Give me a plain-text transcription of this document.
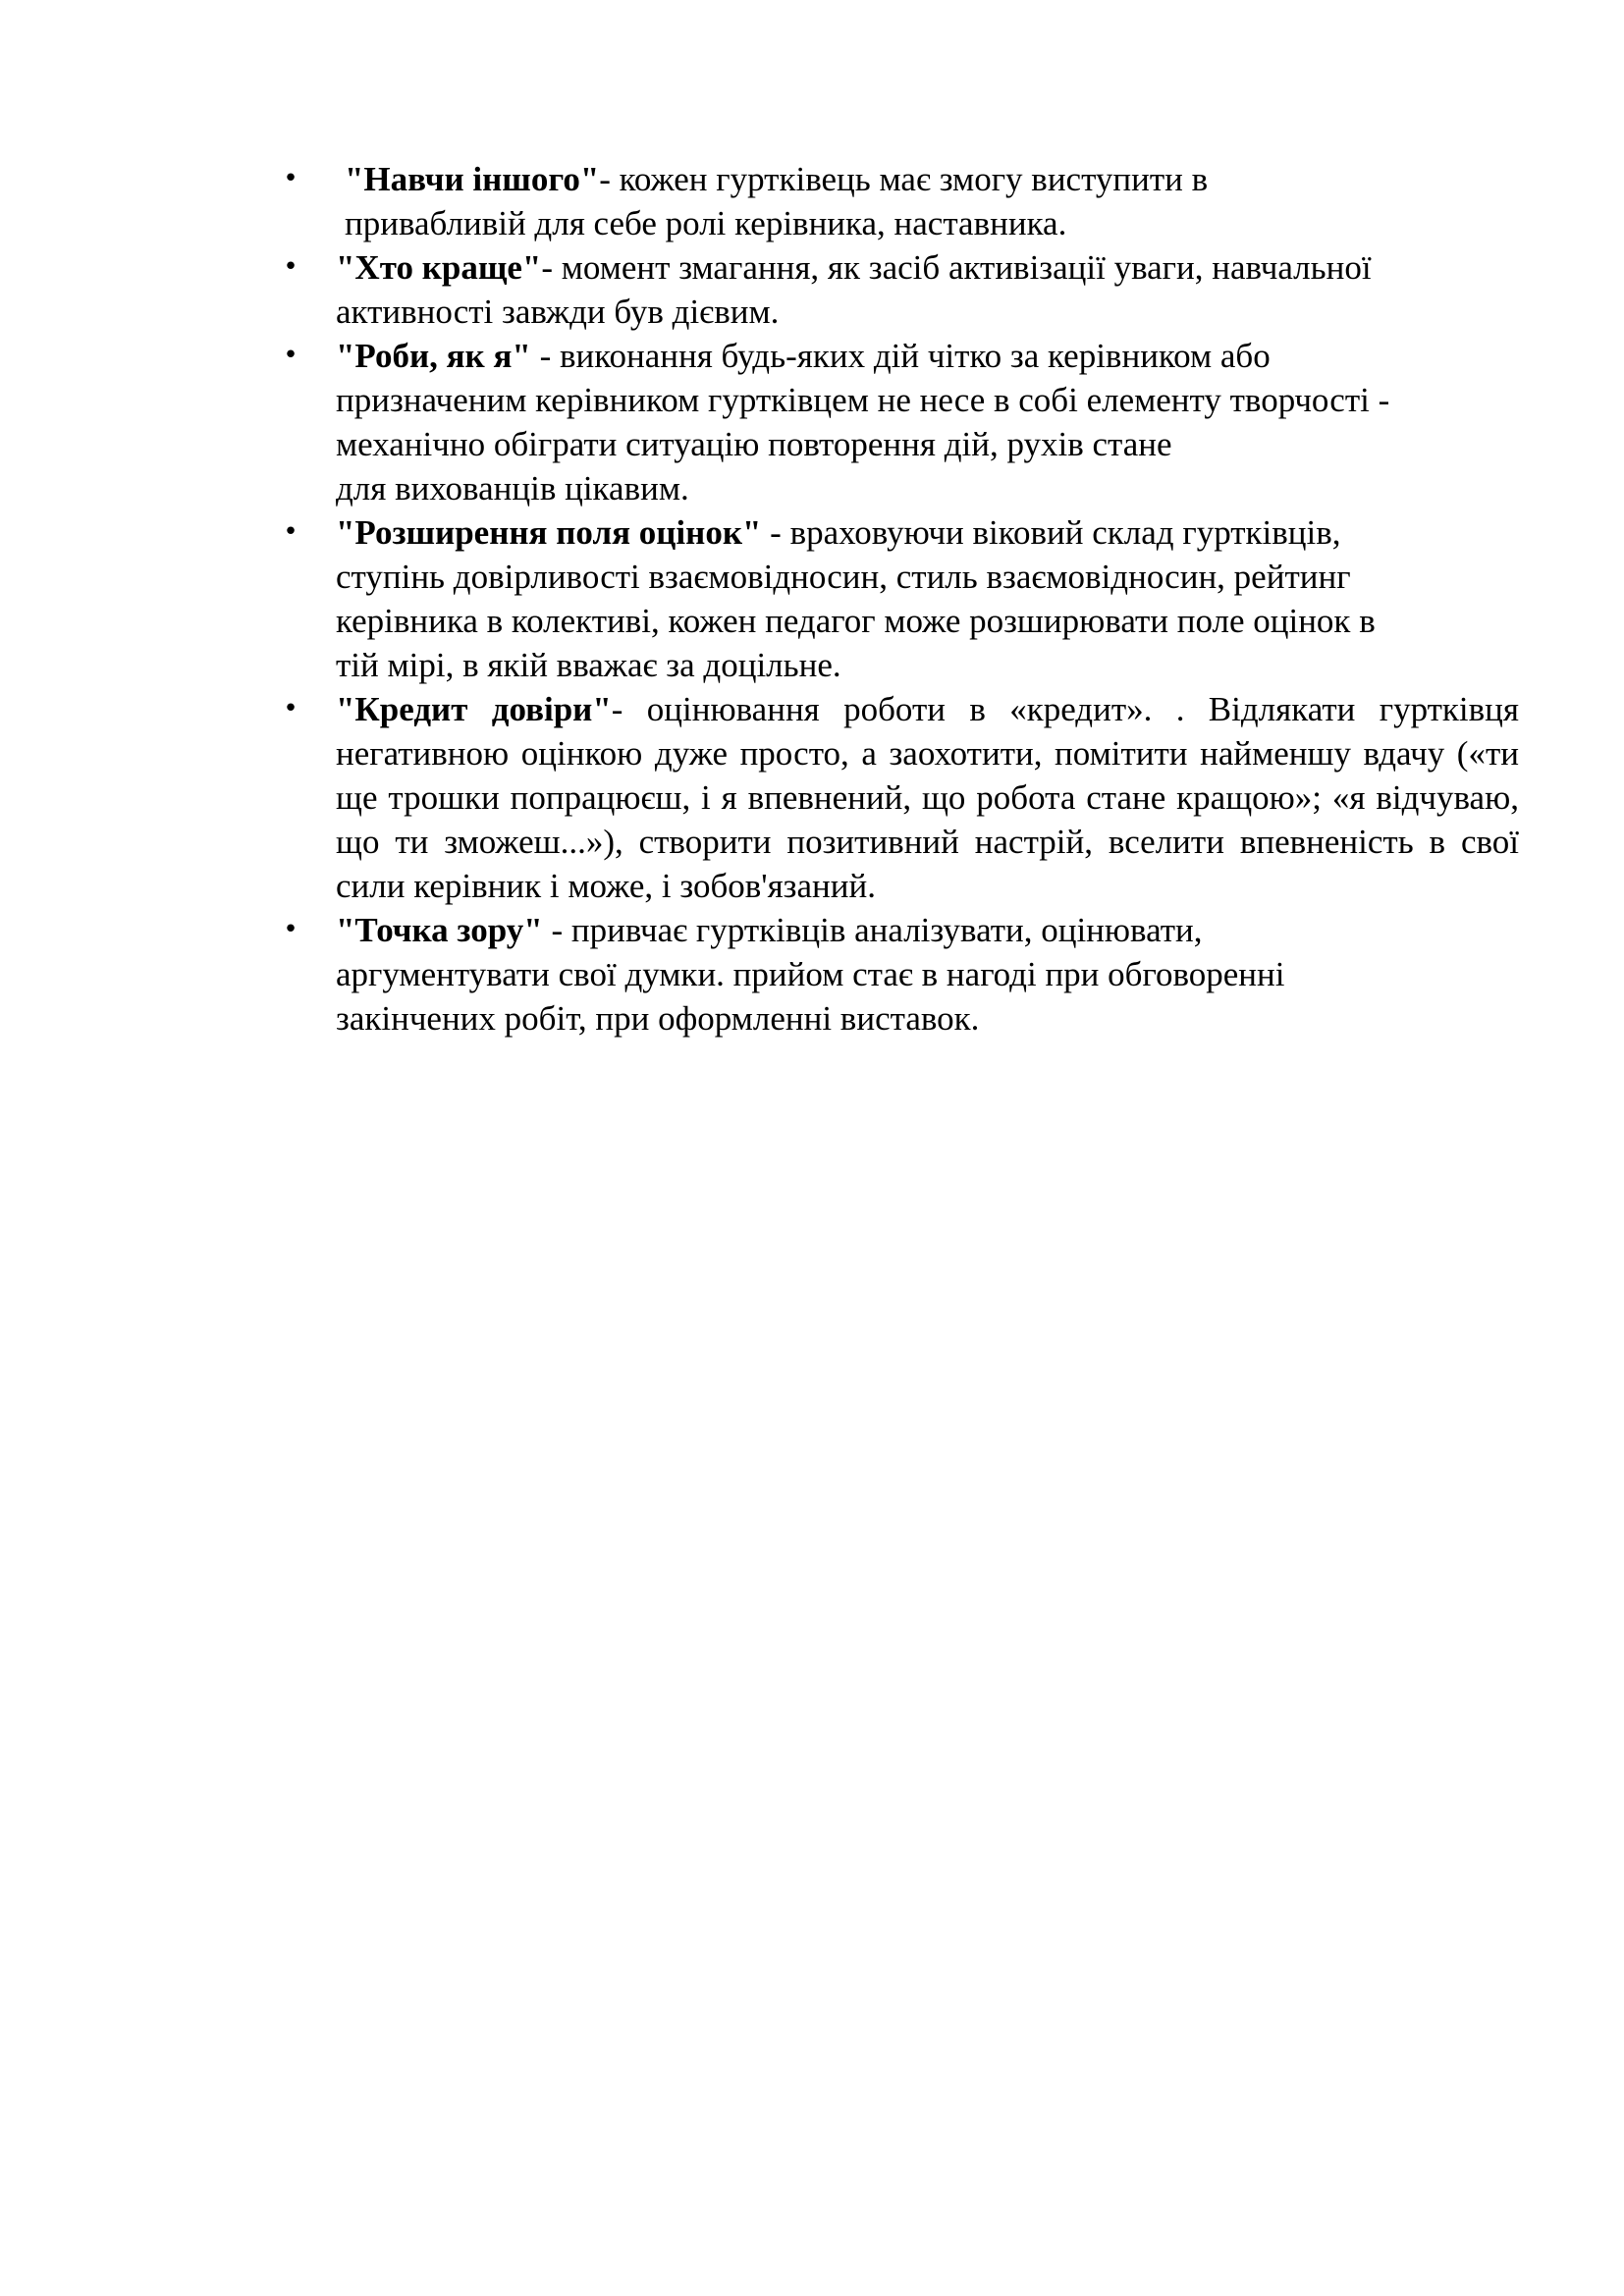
• "Навчи іншого"- кожен гуртківець має змогу виступити в
привабливій для себе ролі керівника, наставника.
• "Хто краще"- момент змагання, як засіб активізації уваги, навчальної
активності завжди був дієвим.
• "Роби, як я" - виконання будь-яких дій чітко за керівником або
призначеним керівником гуртківцем не несе в собі елементу творчості -
механічно обіграти ситуацію повторення дій, рухів стане
для вихованців цікавим.
• "Розширення поля оцінок" - враховуючи віковий склад гуртківців,
ступінь довірливості взаємовідносин, стиль взаємовідносин, рейтинг
керівника в колективі, кожен педагог може розширювати поле оцінок в
тій мірі, в якій вважає за доцільне.
• "Кредит довіри"- оцінювання роботи в «кредит». . Відлякати гуртківця негативною оцінкою дуже просто, а заохотити, помітити найменшу вдачу («ти ще трошки попрацюєш, і я впевнений, що робота стане кращою»; «я відчуваю, що ти зможеш...»), створити позитивний настрій, вселити впевненість в свої сили керівник і може, і зобов'язаний.
• "Точка зору" - привчає гуртківців аналізувати, оцінювати,
аргументувати свої думки. прийом стає в нагоді при обговоренні
закінчених робіт, при оформленні виставок.
